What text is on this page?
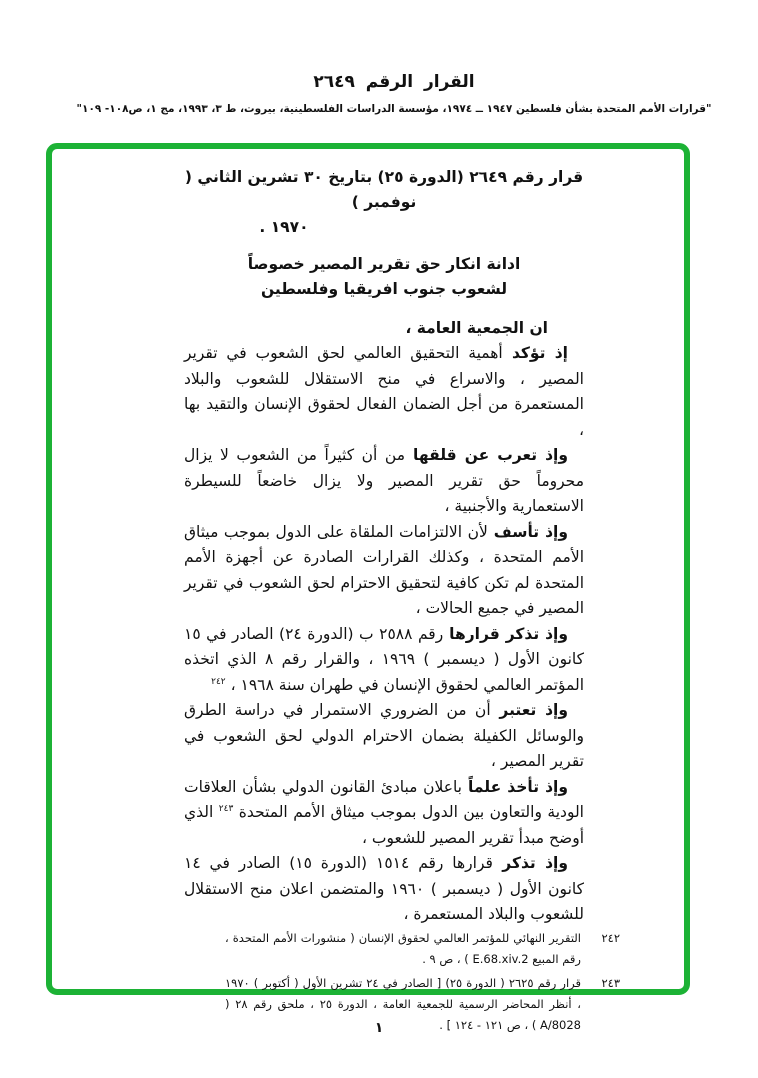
القرار الرقم ٢٦٤٩
"قرارات الأمم المتحدة بشأن فلسطين ١٩٤٧ ــ ١٩٧٤، مؤسسة الدراسات الفلسطينية، بيروت، ط ٣، ١٩٩٣، مج ١، ص١٠٨- ١٠٩"

قرار رقم ٢٦٤٩ (الدورة ٢٥) بتاريخ ٣٠ تشرين الثاني ( نوفمبر )

١٩٧٠ .

ادانة انكار حق تقرير المصير خصوصاً

لشعوب جنوب افريقيا وفلسطين

ان الجمعية العامة ،

إذ تؤكد أهمية التحقيق العالمي لحق الشعوب في تقرير المصير ، والاسراع في منح الاستقلال للشعوب والبلاد المستعمرة من أجل الضمان الفعال لحقوق الإنسان والتقيد بها ،

وإذ تعرب عن قلقها من أن كثيراً من الشعوب لا يزال محروماً حق تقرير المصير ولا يزال خاضعاً للسيطرة الاستعمارية والأجنبية ،

وإذ تأسف لأن الالتزامات الملقاة على الدول بموجب ميثاق الأمم المتحدة ، وكذلك القرارات الصادرة عن أجهزة الأمم المتحدة لم تكن كافية لتحقيق الاحترام لحق الشعوب في تقرير المصير في جميع الحالات ،

وإذ تذكر قرارها رقم ٢٥٨٨ ب (الدورة ٢٤) الصادر في ١٥ كانون الأول ( ديسمبر ) ١٩٦٩ ، والقرار رقم ٨ الذي اتخذه المؤتمر العالمي لحقوق الإنسان في طهران سنة ١٩٦٨ ، $^{٢٤٢}$

وإذ تعتبر أن من الضروري الاستمرار في دراسة الطرق والوسائل الكفيلة بضمان الاحترام الدولي لحق الشعوب في تقرير المصير ،

وإذ تأخذ علماً باعلان مبادئ القانون الدولي بشأن العلاقات الودية والتعاون بين الدول بموجب ميثاق الأمم المتحدة $^{٢٤٣}$ الذي أوضح مبدأ تقرير المصير للشعوب ،

وإذ تذكر قرارها رقم ١٥١٤ (الدورة ١٥) الصادر في ١٤ كانون الأول ( ديسمبر ) ١٩٦٠ والمتضمن اعلان منح الاستقلال للشعوب والبلاد المستعمرة ،

٢٤٢
التقرير النهائي للمؤتمر العالمي لحقوق الإنسان ( منشورات الأمم المتحدة ، رقم المبيع E.68.xiv.2 ) ، ص ٩ .
٢٤٣
قرار رقم ٢٦٢٥ ( الدورة ٢٥) [ الصادر في ٢٤ تشرين الأول ( أكتوبر ) ١٩٧٠ ، أنظر المحاضر الرسمية للجمعية العامة ، الدورة ٢٥ ، ملحق رقم ٢٨ ( A/8028 ) ، ص ١٢١ - ١٢٤ ] .
١
